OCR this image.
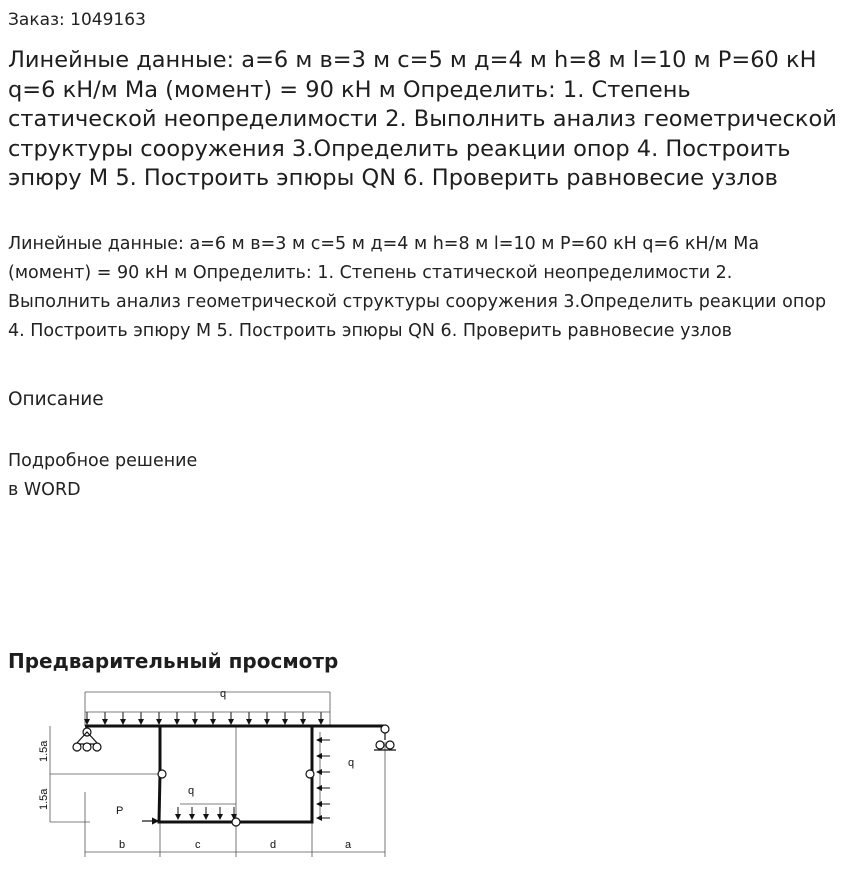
Заказ: 1049163
Линейные данные: а=6 м в=3 м с=5 м д=4 м h=8 м l=10 м P=60 кН q=6 кН/м Ма (момент) = 90 кН м Определить: 1. Степень статической неопределимости 2. Выполнить анализ геометрической структуры сооружения 3.Определить реакции опор 4. Построить эпюру М 5. Построить эпюры QN 6. Проверить равновесие узлов
Линейные данные: а=6 м в=3 м с=5 м д=4 м h=8 м l=10 м P=60 кН q=6 кН/м Ма (момент) = 90 кН м Определить: 1. Степень статической неопределимости 2. Выполнить анализ геометрической структуры сооружения 3.Определить реакции опор 4. Построить эпюру М 5. Построить эпюры QN 6. Проверить равновесие узлов
Описание
Подробное решение
в WORD
Предварительный просмотр
q
q
q
P
1.5a
1.5a
b	c	d	a
